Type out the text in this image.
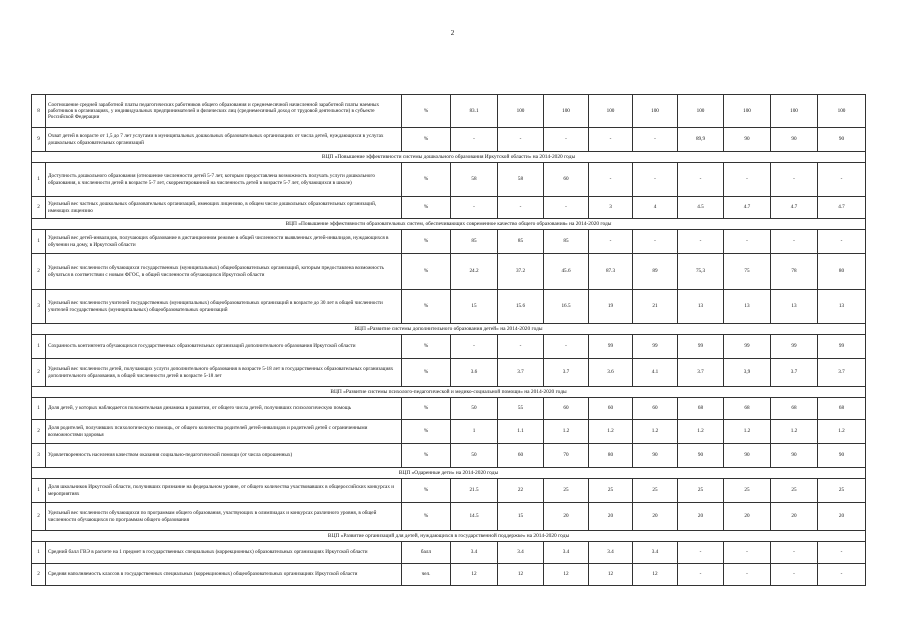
2
8	Соотношение средней заработной платы педагогических работников общего образования и среднемесячной начисленной заработной платы наемных работников в организациях, у индивидуальных предпринимателей и физических лиц (среднемесячный доход от трудовой деятельности) в субъекте Российской Федерации	%	83.1	100	100	100	100	100	100	100	100
9	Охват детей в возрасте от 1,5 до 7 лет услугами в муниципальных дошкольных образовательных организациях от числа детей, нуждающихся в услугах дошкольных образовательных организаций	%	-	-	-	-	-	89,9	90	90	90
ВЦП «Повышение эффективности системы дошкольного образования Иркутской области» на 2014-2020 годы											
1	Доступность дошкольного образования (отношение численности детей 5-7 лет, которым предоставлена возможность получать услуги дошкольного образования, к численности детей в возрасте 5-7 лет, скорректированной на численность детей в возрасте 5-7 лет, обучающихся в школе)	%	58	58	60	-	-	-	-	-	-
2	Удельный вес частных дошкольных образовательных организаций, имеющих лицензию, в общем числе дошкольных образовательных организаций, имеющих лицензию	%	-	-	-	3	4	4.5	4.7	4.7	4.7
ВЦП «Повышение эффективности образовательных систем, обеспечивающих современное качество общего образования» на 2014-2020 годы											
1	Удельный вес детей-инвалидов, получающих образование в дистанционном режиме в общей численности выявленных детей-инвалидов, нуждающихся в обучении на дому, в Иркутской области	%	85	85	85	-	-	-	-	-	-
2	Удельный вес численности обучающихся государственных (муниципальных) общеобразовательных организаций, которым предоставлена возможность обучаться в соответствии с новым ФГОС, в общей численности обучающихся Иркутской области	%	24.2	37.2	45.6	87.3	89	75,3	75	78	80
3	Удельный вес численности учителей государственных (муниципальных) общеобразовательных организаций в возрасте до 30 лет в общей численности учителей государственных (муниципальных) общеобразовательных организаций	%	15	15.6	16.5	19	21	13	13	13	13
ВЦП «Развитие системы дополнительного образования детей» на 2014-2020 годы											
1	Сохранность контингента обучающихся государственных образовательных организаций дополнительного образования Иркутской области	%	-	-	-	99	99	99	99	99	99
2	Удельный вес численности детей, получающих услуги дополнительного образования в возрасте 5-18 лет в государственных образовательных организациях дополнительного образования, в общей численности детей в возрасте 5-18 лет	%	3.6	3.7	3.7	3.6	4.1	3.7	3,9	3.7	3.7
ВЦП «Развитие системы психолого-педагогической и медико-социальной помощи» на 2014-2020 годы											
1	Доля детей, у которых наблюдается положительная динамика в развитии, от общего числа детей, получивших психологическую помощь	%	50	55	60	60	60	68	68	68	68
2	Доля родителей, получивших психологическую помощь, от общего количества родителей детей-инвалидов и родителей детей с ограниченными возможностями здоровья	%	1	1.1	1.2	1.2	1.2	1.2	1.2	1.2	1.2
3	Удовлетворенность населения качеством оказания социально-педагогической помощи (от числа опрошенных)	%	50	60	70	80	90	90	90	90	90
ВЦП «Одаренные дети» на 2014-2020 годы											
1	Доля школьников Иркутской области, получивших признание на федеральном уровне, от общего количества участвовавших в общероссийских конкурсах и мероприятиях	%	21.5	22	25	25	25	25	25	25	25
2	Удельный вес численности обучающихся по программам общего образования, участвующих в олимпиадах и конкурсах различного уровня, в общей численности обучающихся по программам общего образования	%	14.5	15	20	20	20	20	20	20	20
ВЦП «Развитие организаций для детей, нуждающихся в государственной поддержке» на 2014-2020 годы											
1	Средний балл ГВЭ в расчете на 1 предмет в государственных специальных (коррекционных) образовательных организациях Иркутской области	балл	3.4	3.4	3.4	3.4	3.4	-	-	-	-
2	Средняя наполняемость классов в государственных специальных (коррекционных) общеобразовательных организациях Иркутской области	чел.	12	12	12	12	12	-	-	-	-
